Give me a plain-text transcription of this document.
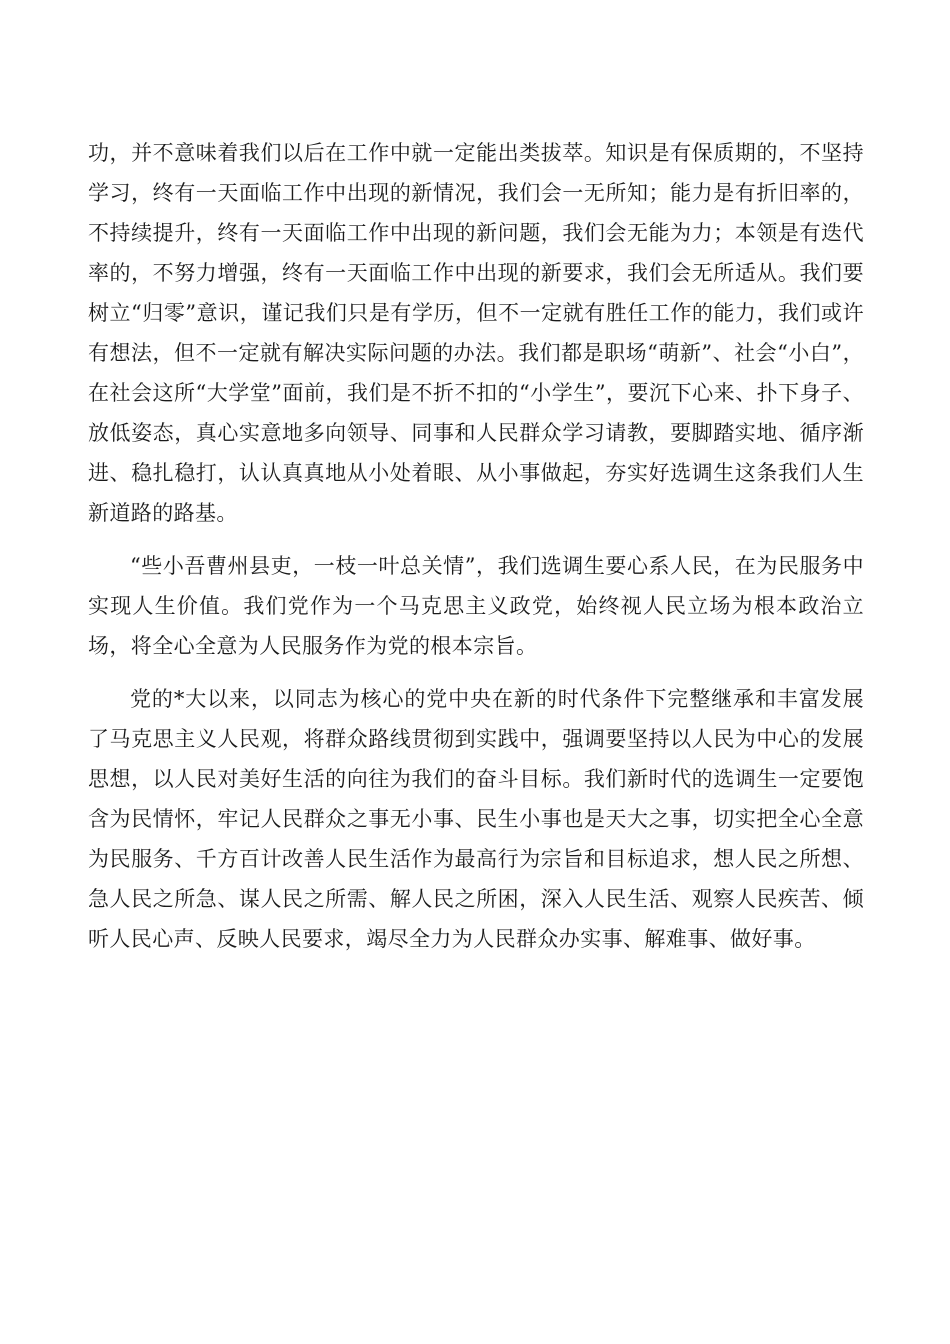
功，并不意味着我们以后在工作中就一定能出类拔萃。知识是有保质期的，不坚持学习，终有一天面临工作中出现的新情况，我们会一无所知；能力是有折旧率的，不持续提升，终有一天面临工作中出现的新问题，我们会无能为力；本领是有迭代率的，不努力增强，终有一天面临工作中出现的新要求，我们会无所适从。我们要树立“归零”意识，谨记我们只是有学历，但不一定就有胜任工作的能力，我们或许有想法，但不一定就有解决实际问题的办法。我们都是职场“萌新”、社会“小白”，在社会这所“大学堂”面前，我们是不折不扣的“小学生”，要沉下心来、扑下身子、放低姿态，真心实意地多向领导、同事和人民群众学习请教，要脚踏实地、循序渐进、稳扎稳打，认认真真地从小处着眼、从小事做起，夯实好选调生这条我们人生新道路的路基。

“些小吾曹州县吏，一枝一叶总关情”，我们选调生要心系人民，在为民服务中实现人生价值。我们党作为一个马克思主义政党，始终视人民立场为根本政治立场，将全心全意为人民服务作为党的根本宗旨。

党的*大以来，以同志为核心的党中央在新的时代条件下完整继承和丰富发展了马克思主义人民观，将群众路线贯彻到实践中，强调要坚持以人民为中心的发展思想，以人民对美好生活的向往为我们的奋斗目标。我们新时代的选调生一定要饱含为民情怀，牢记人民群众之事无小事、民生小事也是天大之事，切实把全心全意为民服务、千方百计改善人民生活作为最高行为宗旨和目标追求，想人民之所想、急人民之所急、谋人民之所需、解人民之所困，深入人民生活、观察人民疾苦、倾听人民心声、反映人民要求，竭尽全力为人民群众办实事、解难事、做好事。
